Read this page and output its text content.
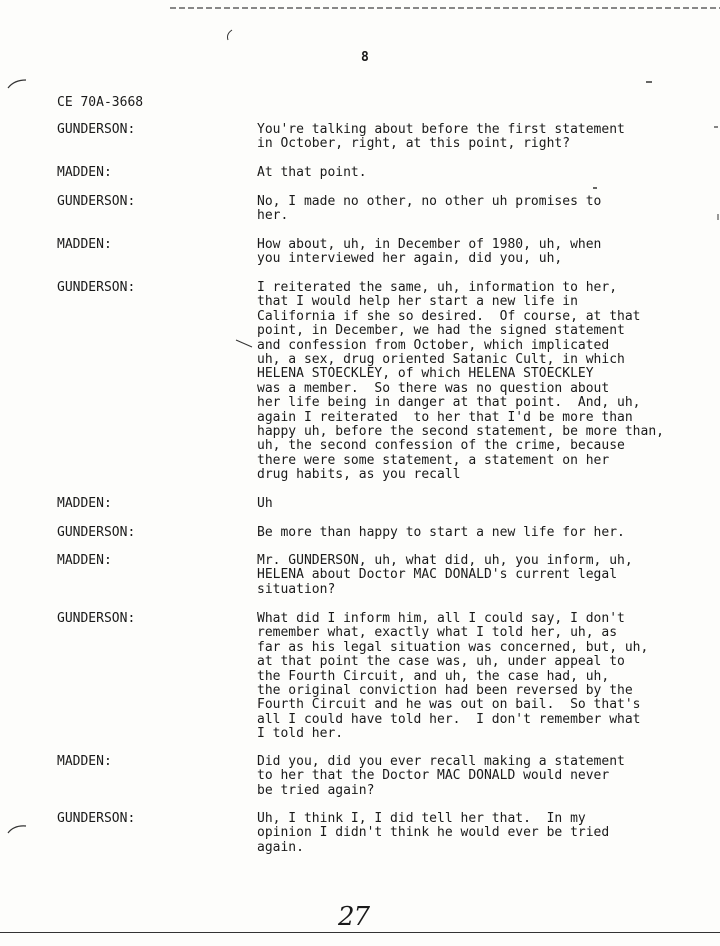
8
CE 70A-3668
GUNDERSON:	You're talking about before the first statement
in October, right, at this point, right?
MADDEN:	At that point.
GUNDERSON:	No, I made no other, no other uh promises to
her.
MADDEN:	How about, uh, in December of 1980, uh, when
you interviewed her again, did you, uh,
GUNDERSON:	I reiterated the same, uh, information to her,
that I would help her start a new life in
California if she so desired.  Of course, at that
point, in December, we had the signed statement
and confession from October, which implicated
uh, a sex, drug oriented Satanic Cult, in which
HELENA STOECKLEY, of which HELENA STOECKLEY
was a member.  So there was no question about
her life being in danger at that point.  And, uh,
again I reiterated  to her that I'd be more than
happy uh, before the second statement, be more than,
uh, the second confession of the crime, because
there were some statement, a statement on her
drug habits, as you recall
MADDEN:	Uh
GUNDERSON:	Be more than happy to start a new life for her.
MADDEN:	Mr. GUNDERSON, uh, what did, uh, you inform, uh,
HELENA about Doctor MAC DONALD's current legal
situation?
GUNDERSON:	What did I inform him, all I could say, I don't
remember what, exactly what I told her, uh, as
far as his legal situation was concerned, but, uh,
at that point the case was, uh, under appeal to
the Fourth Circuit, and uh, the case had, uh,
the original conviction had been reversed by the
Fourth Circuit and he was out on bail.  So that's
all I could have told her.  I don't remember what
I told her.
MADDEN:	Did you, did you ever recall making a statement
to her that the Doctor MAC DONALD would never
be tried again?
GUNDERSON:	Uh, I think I, I did tell her that.  In my
opinion I didn't think he would ever be tried
again.
27
